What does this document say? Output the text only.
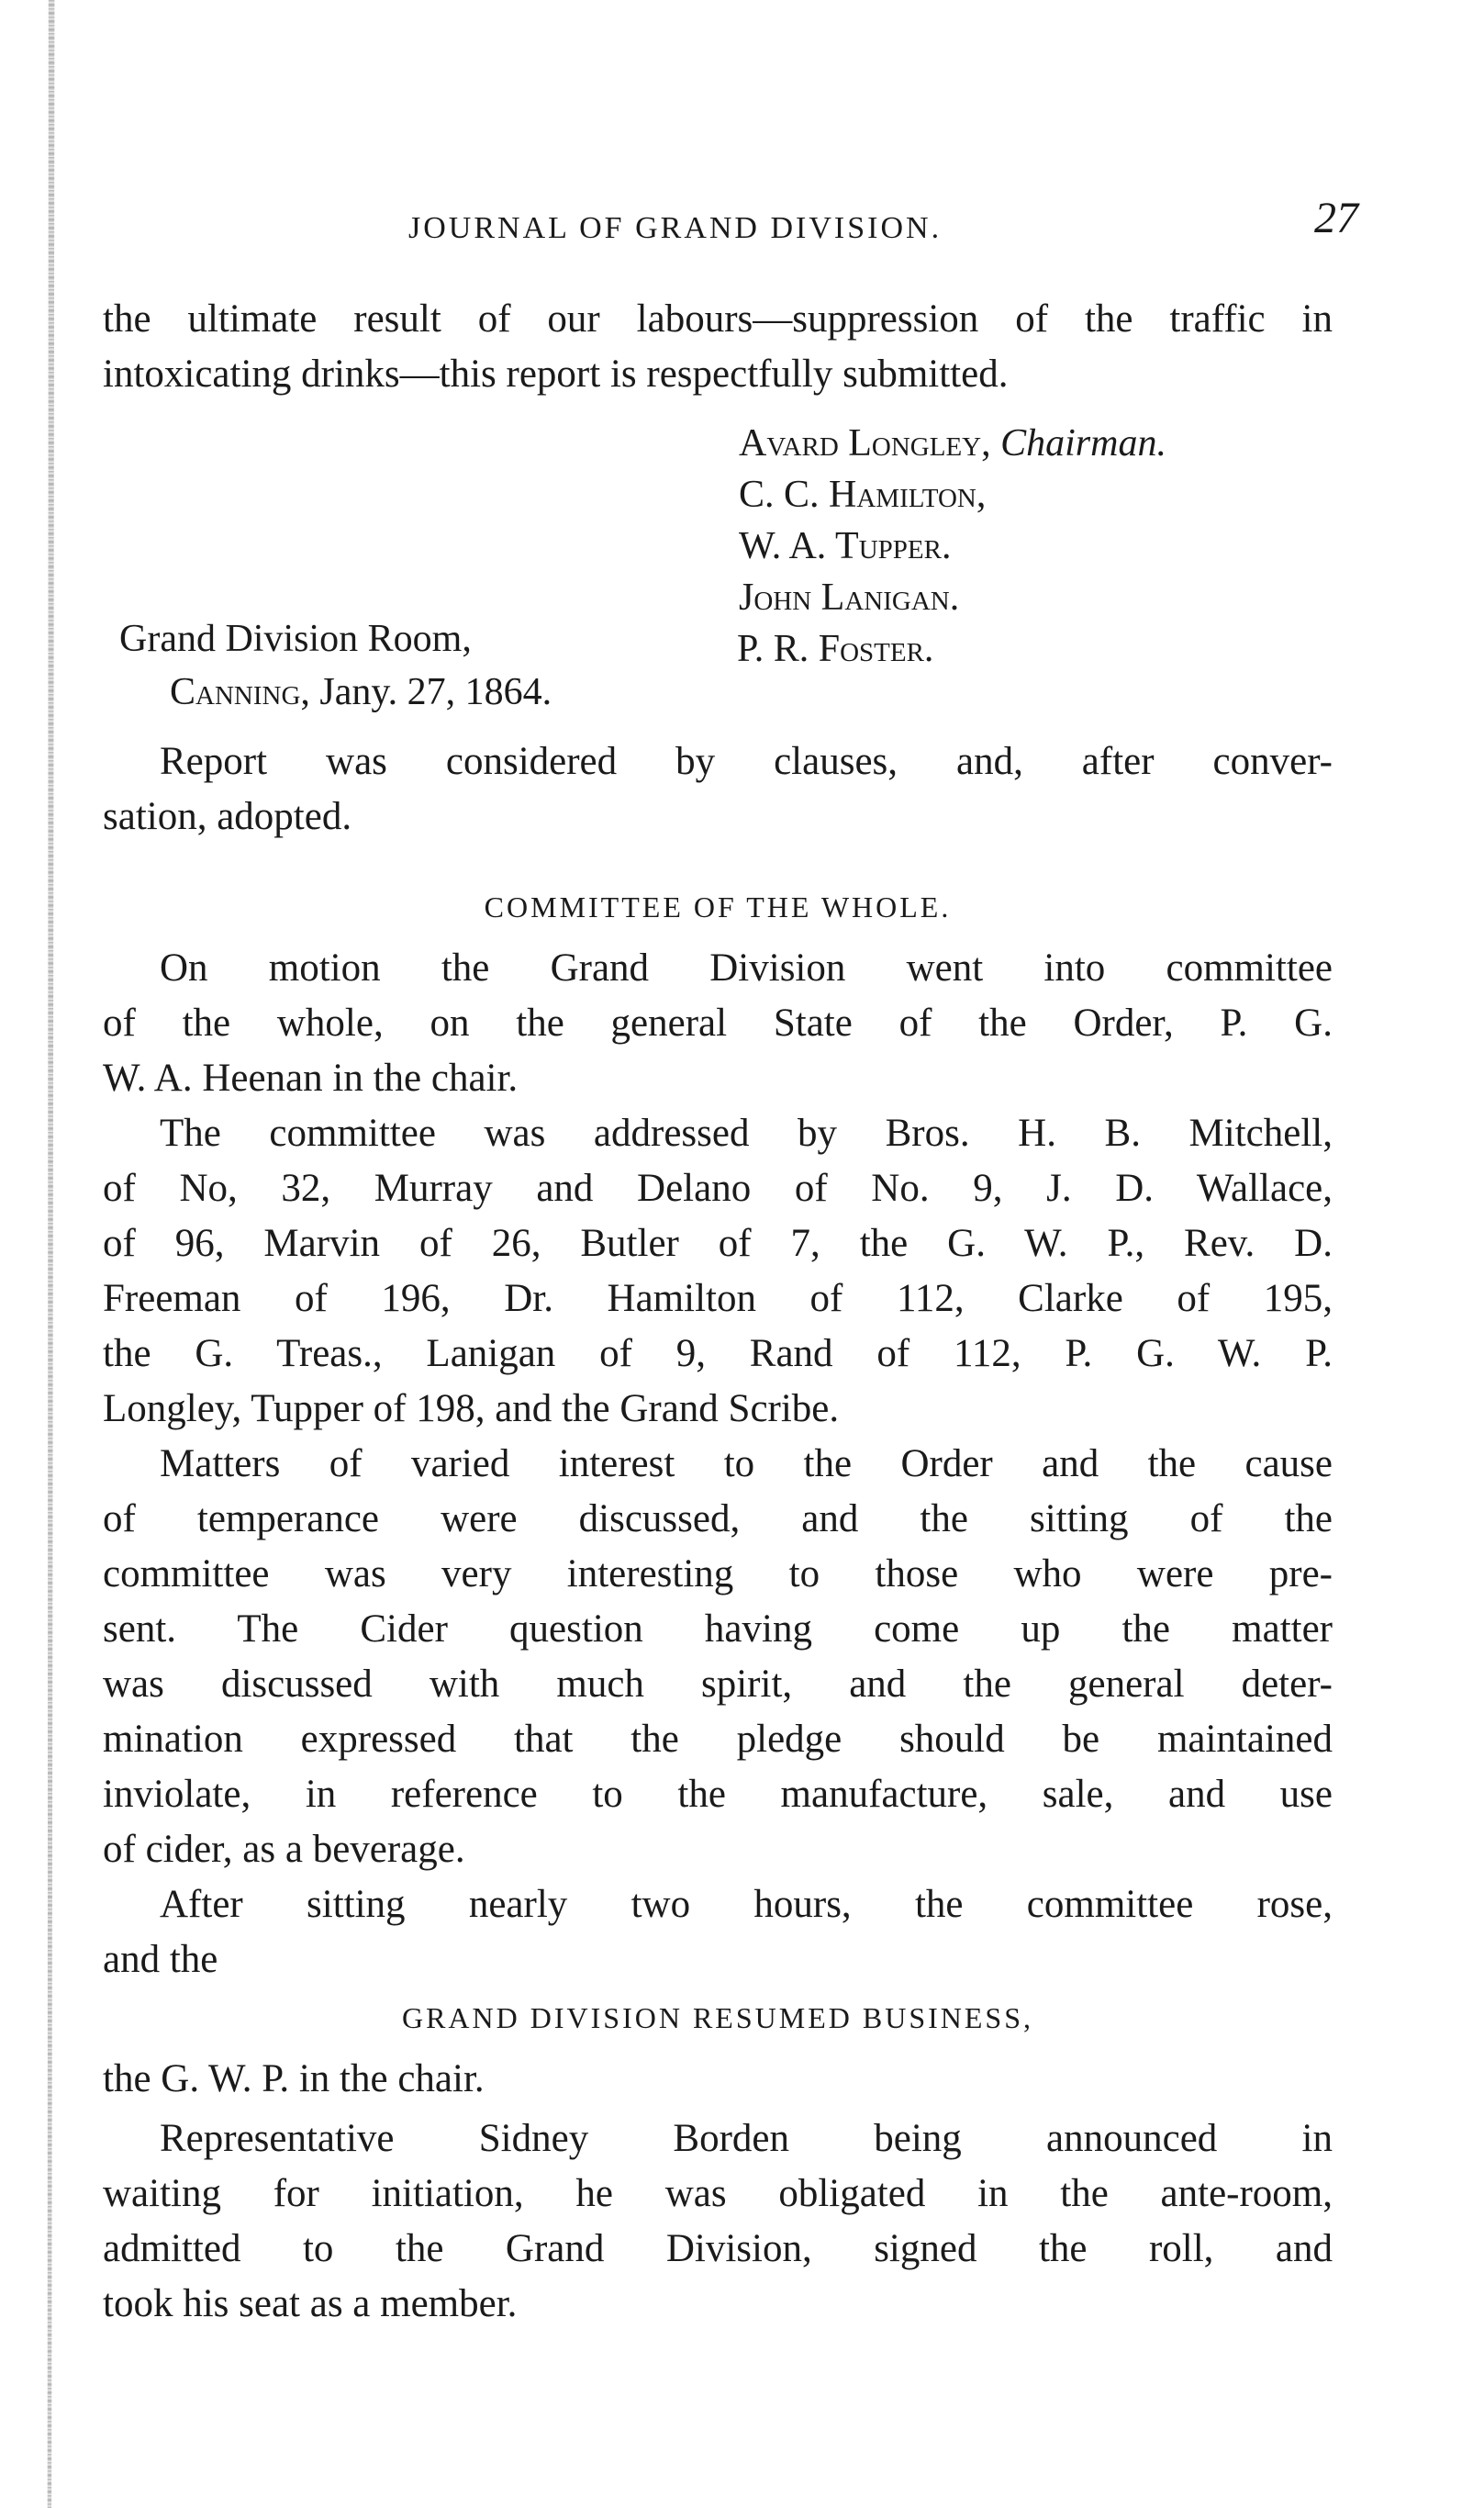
JOURNAL OF GRAND DIVISION.	27
the ultimate result of our labours—suppression of the traffic in
intoxicating drinks—this report is respectfully submitted.
Avard Longley, Chairman.
C. C. Hamilton,
W. A. Tupper.
John Lanigan.
P. R. Foster.
Grand Division Room,
Canning, Jany. 27, 1864.
Report was considered by clauses, and, after conver-
sation, adopted.
COMMITTEE OF THE WHOLE.
On motion the Grand Division went into committee
of the whole, on the general State of the Order, P. G.
W. A. Heenan in the chair.
The committee was addressed by Bros. H. B. Mitchell,
of No, 32, Murray and Delano of No. 9, J. D. Wallace,
of 96, Marvin of 26, Butler of 7, the G. W. P., Rev. D.
Freeman of 196, Dr. Hamilton of 112, Clarke of 195,
the G. Treas., Lanigan of 9, Rand of 112, P. G. W. P.
Longley, Tupper of 198, and the Grand Scribe.
Matters of varied interest to the Order and the cause
of temperance were discussed, and the sitting of the
committee was very interesting to those who were pre-
sent. The Cider question having come up the matter
was discussed with much spirit, and the general deter-
mination expressed that the pledge should be maintained
inviolate, in reference to the manufacture, sale, and use
of cider, as a beverage.
After sitting nearly two hours, the committee rose,
and the
GRAND DIVISION RESUMED BUSINESS,
the G. W. P. in the chair.
Representative Sidney Borden being announced in
waiting for initiation, he was obligated in the ante-room,
admitted to the Grand Division, signed the roll, and
took his seat as a member.
